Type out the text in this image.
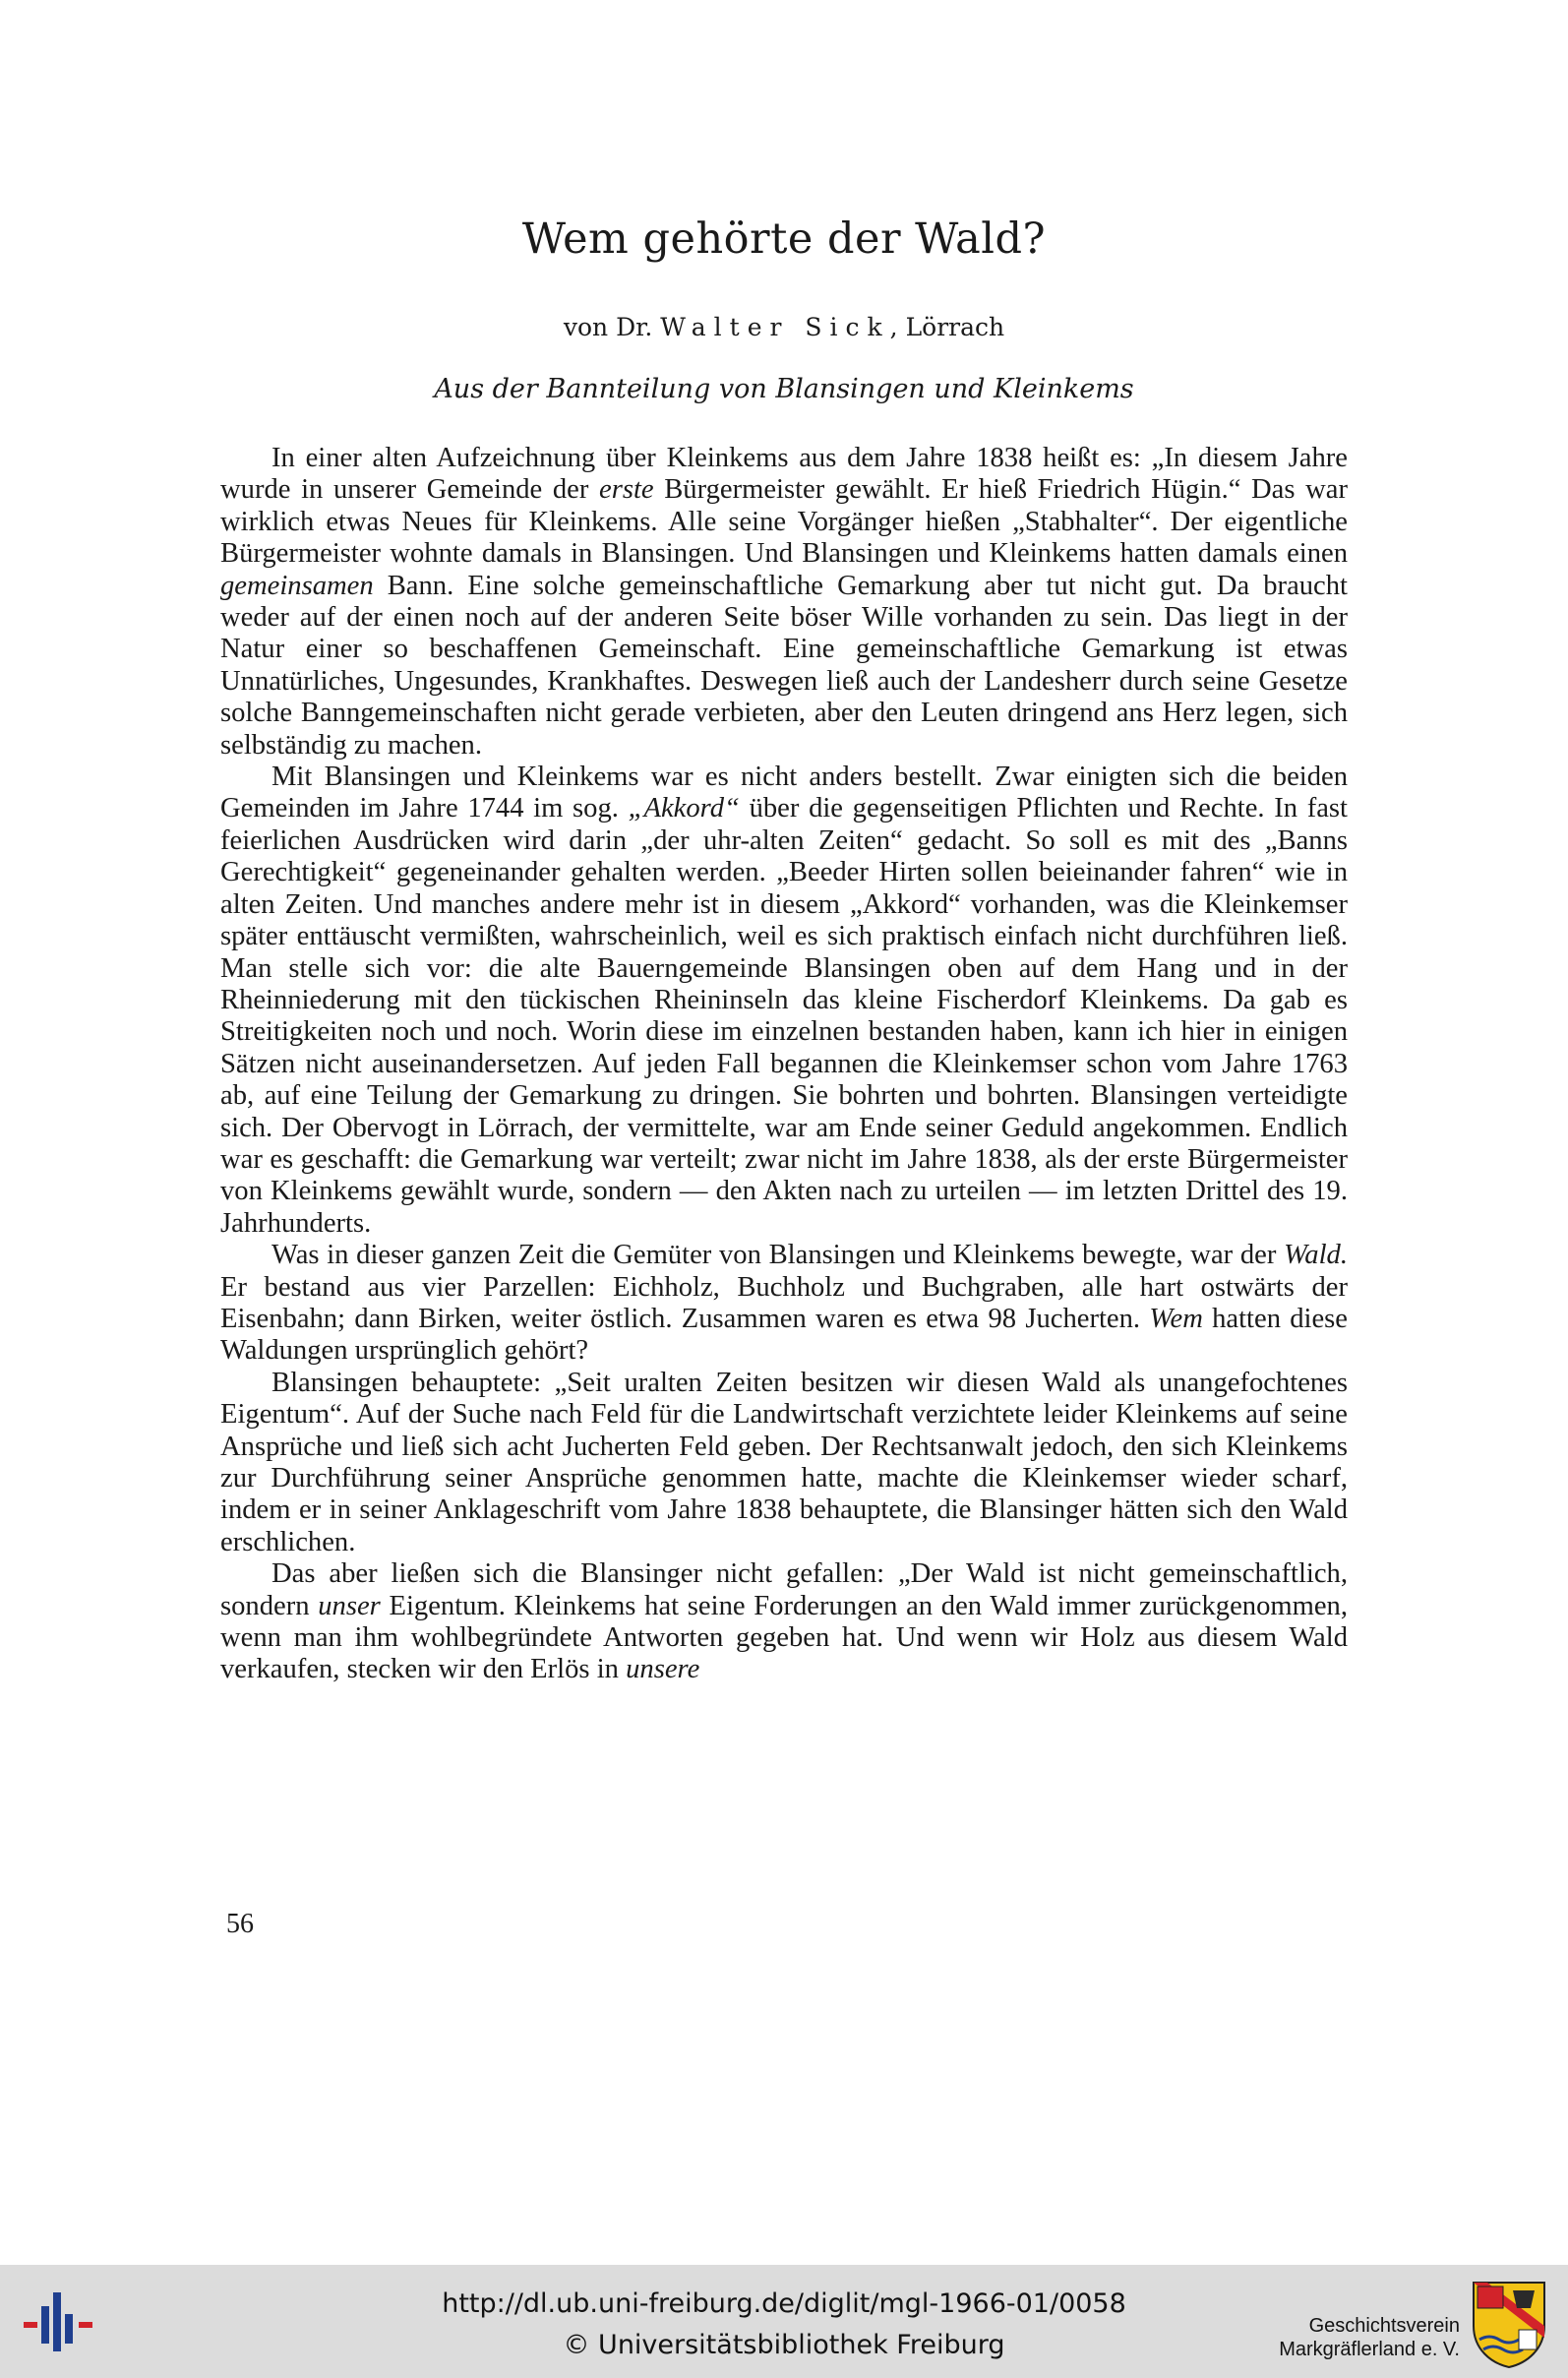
Wem gehörte der Wald?
von Dr. Walter Sick, Lörrach
Aus der Bannteilung von Blansingen und Kleinkems

In einer alten Aufzeichnung über Kleinkems aus dem Jahre 1838 heißt es: „In diesem Jahre wurde in unserer Gemeinde der erste Bürgermeister gewählt. Er hieß Friedrich Hügin.“ Das war wirklich etwas Neues für Kleinkems. Alle seine Vorgänger hießen „Stabhalter“. Der eigentliche Bürgermeister wohnte damals in Blansingen. Und Blansingen und Kleinkems hatten damals einen gemeinsamen Bann. Eine solche gemeinschaftliche Gemarkung aber tut nicht gut. Da braucht weder auf der einen noch auf der anderen Seite böser Wille vorhanden zu sein. Das liegt in der Natur einer so beschaffenen Gemeinschaft. Eine gemeinschaftliche Gemarkung ist etwas Unnatürliches, Ungesundes, Krankhaftes. Deswegen ließ auch der Landesherr durch seine Gesetze solche Banngemeinschaften nicht gerade verbieten, aber den Leuten dringend ans Herz legen, sich selbständig zu machen.

Mit Blansingen und Kleinkems war es nicht anders bestellt. Zwar einigten sich die beiden Gemeinden im Jahre 1744 im sog. „Akkord“ über die gegenseitigen Pflichten und Rechte. In fast feierlichen Ausdrücken wird darin „der uhr-alten Zeiten“ gedacht. So soll es mit des „Banns Gerechtigkeit“ gegeneinander gehalten werden. „Beeder Hirten sollen beieinander fahren“ wie in alten Zeiten. Und manches andere mehr ist in diesem „Akkord“ vorhanden, was die Kleinkemser später enttäuscht vermißten, wahrscheinlich, weil es sich praktisch einfach nicht durchführen ließ. Man stelle sich vor: die alte Bauerngemeinde Blansingen oben auf dem Hang und in der Rheinniederung mit den tückischen Rheininseln das kleine Fischerdorf Kleinkems. Da gab es Streitigkeiten noch und noch. Worin diese im einzelnen bestanden haben, kann ich hier in einigen Sätzen nicht auseinandersetzen. Auf jeden Fall begannen die Kleinkemser schon vom Jahre 1763 ab, auf eine Teilung der Gemarkung zu dringen. Sie bohrten und bohrten. Blansingen verteidigte sich. Der Obervogt in Lörrach, der vermittelte, war am Ende seiner Geduld angekommen. Endlich war es geschafft: die Gemarkung war verteilt; zwar nicht im Jahre 1838, als der erste Bürgermeister von Kleinkems gewählt wurde, sondern — den Akten nach zu urteilen — im letzten Drittel des 19. Jahrhunderts.

Was in dieser ganzen Zeit die Gemüter von Blansingen und Kleinkems bewegte, war der Wald. Er bestand aus vier Parzellen: Eichholz, Buchholz und Buchgraben, alle hart ostwärts der Eisenbahn; dann Birken, weiter östlich. Zusammen waren es etwa 98 Jucherten. Wem hatten diese Waldungen ursprünglich gehört?

Blansingen behauptete: „Seit uralten Zeiten besitzen wir diesen Wald als unangefochtenes Eigentum“. Auf der Suche nach Feld für die Landwirtschaft verzichtete leider Kleinkems auf seine Ansprüche und ließ sich acht Jucherten Feld geben. Der Rechtsanwalt jedoch, den sich Kleinkems zur Durchführung seiner Ansprüche genommen hatte, machte die Kleinkemser wieder scharf, indem er in seiner Anklageschrift vom Jahre 1838 behauptete, die Blansinger hätten sich den Wald erschlichen.

Das aber ließen sich die Blansinger nicht gefallen: „Der Wald ist nicht gemeinschaftlich, sondern unser Eigentum. Kleinkems hat seine Forderungen an den Wald immer zurückgenommen, wenn man ihm wohlbegründete Antworten gegeben hat. Und wenn wir Holz aus diesem Wald verkaufen, stecken wir den Erlös in unsere

56
http://dl.ub.uni-freiburg.de/diglit/mgl-1966-01/0058
© Universitätsbibliothek Freiburg
Geschichtsverein
Markgräflerland e. V.
